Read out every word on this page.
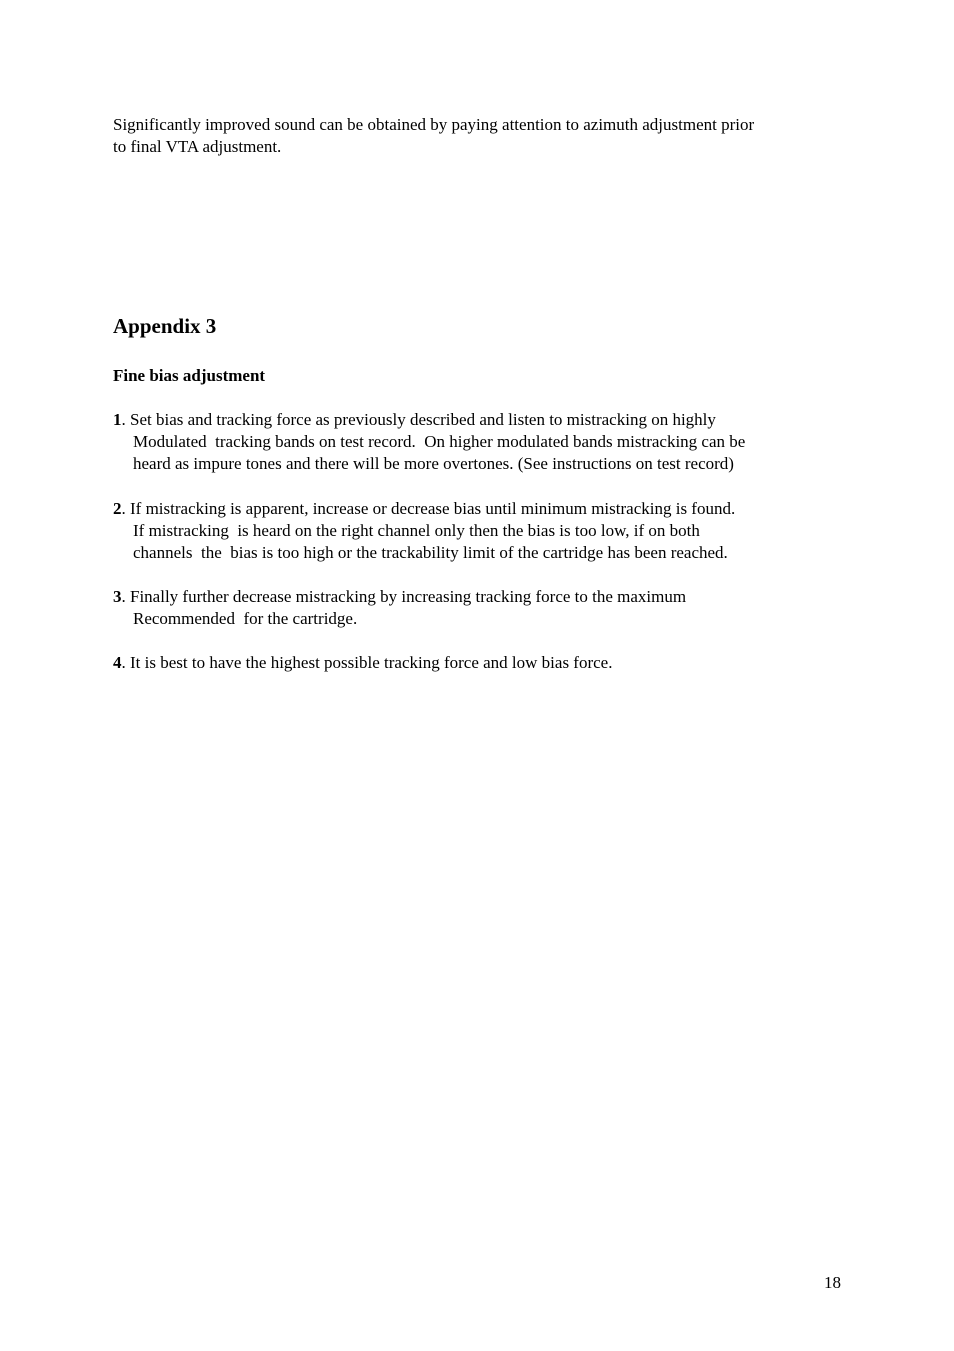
Significantly improved sound can be obtained by paying attention to azimuth adjustment prior
to final VTA adjustment.

Appendix 3
Fine bias adjustment
1. Set bias and tracking force as previously described and listen to mistracking on highly
Modulated  tracking bands on test record.  On higher modulated bands mistracking can be
heard as impure tones and there will be more overtones. (See instructions on test record)
2. If mistracking is apparent, increase or decrease bias until minimum mistracking is found.
If mistracking  is heard on the right channel only then the bias is too low, if on both
channels  the  bias is too high or the trackability limit of the cartridge has been reached.
3. Finally further decrease mistracking by increasing tracking force to the maximum
Recommended  for the cartridge.
4. It is best to have the highest possible tracking force and low bias force.
18
